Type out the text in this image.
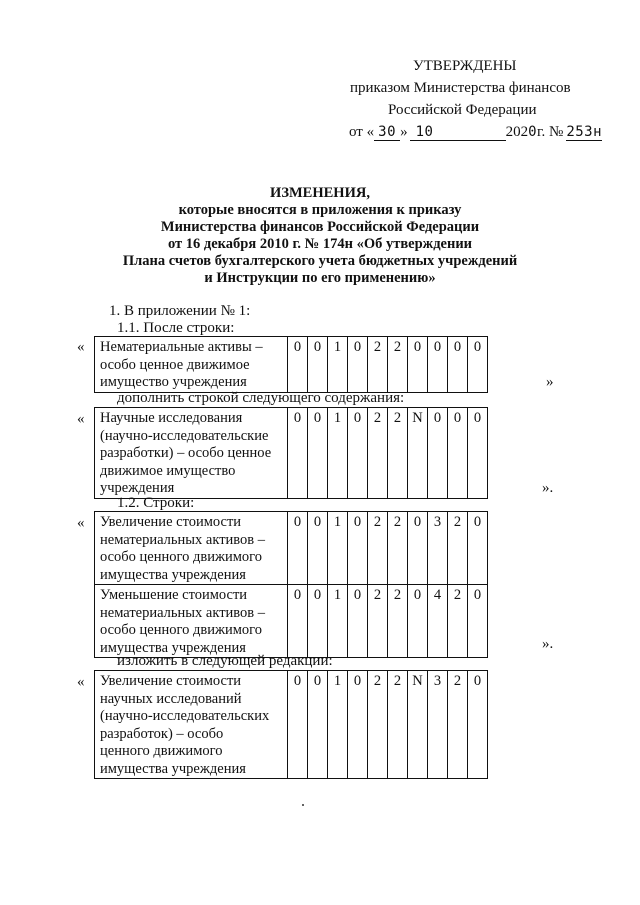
УТВЕРЖДЕНЫ
приказом Министерства финансов
Российской Федерации
от « 30 » 10	2020г. № 253н
ИЗМЕНЕНИЯ,
которые вносятся в приложения к приказу
Министерства финансов Российской Федерации
от 16 декабря 2010 г. № 174н «Об утверждении
Плана счетов бухгалтерского учета бюджетных учреждений
и Инструкции по его применению»
1. В приложении № 1:
1.1. После строки:
« Нематериальные активы –
особо ценное движимое
имущество учреждения
	0	0	1	0	2	2	0	0	0	0
»
дополнить строкой следующего содержания:
« Научные исследования
(научно-исследовательские
разработки) – особо ценное
движимое имущество
учреждения
	0	0	1	0	2	2	N	0	0	0
».
1.2. Строки:
« Увеличение стоимости
нематериальных активов –
особо ценного движимого
имущества учреждения	0	0	1	0	2	2	0	3	2	0

Уменьшение стоимости
нематериальных активов –
особо ценного движимого
имущества учреждения	0	0	1	0	2	2	0	4	2	0
».
изложить в следующей редакции:
« Увеличение стоимости
научных исследований
(научно-исследовательских
разработок) – особо
ценного движимого
имущества учреждения
	0	0	1	0	2	2	N	3	2	0
